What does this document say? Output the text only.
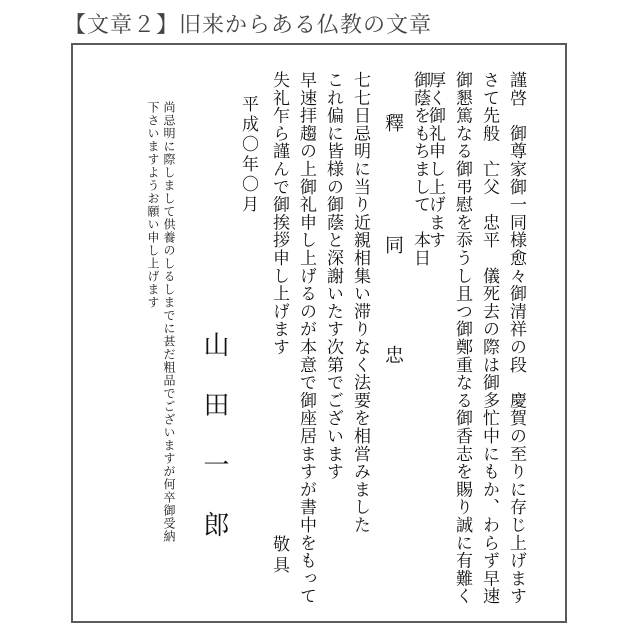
【文章２】旧来からある仏教の文章
謹啓　御尊家御一同様愈々御清祥の段　慶賀の至りに存じ上げます
さて先般　亡父　忠平　儀死去の際は御多忙中にもか、わらず早速
御懇篤なる御弔慰を忝うし且つ御鄭重なる御香志を賜り誠に有難く
厚く御礼申し上げます
御蔭をもちまして　本日
釋
同
忠
七七日忌明に当り近親相集い滞りなく法要を相営みました
これ偏に皆様の御蔭と深謝いたす次第でございます
早速拝趨の上御礼申し上げるのが本意で御座居ますが書中をもって
失礼乍ら謹んで御挨拶申し上げます
敬具
平成〇年〇月
山田一郎
尚忌明に際しまして供養のしるしまでに甚だ粗品でございますが何卒御受納
下さいますようお願い申し上げます
